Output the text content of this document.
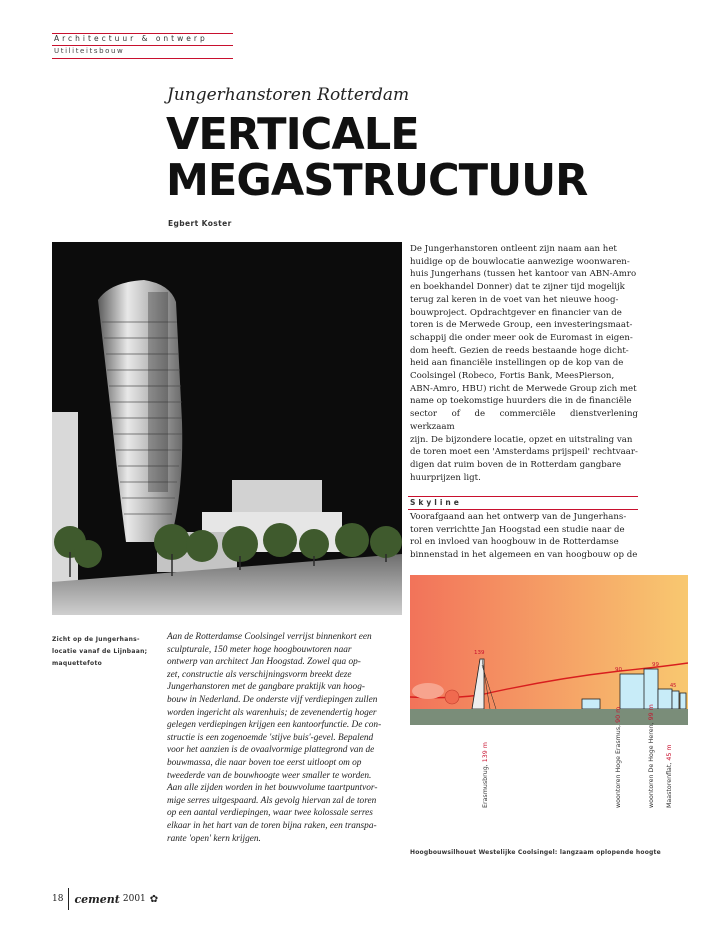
Architectuur & ontwerp
Utiliteitsbouw
Jungerhanstoren Rotterdam
VERTICALE
MEGASTRUCTUUR
Egbert Koster
Zicht op de Jungerhans-
locatie vanaf de Lijnbaan;
maquettefoto
Aan de Rotterdamse Coolsingel verrijst binnenkort een
sculpturale, 150 meter hoge hoogbouwtoren naar
ontwerp van architect Jan Hoogstad. Zowel qua op-
zet, constructie als verschijningsvorm breekt deze
Jungerhanstoren met de gangbare praktijk van hoog-
bouw in Nederland. De onderste vijf verdiepingen zullen
worden ingericht als warenhuis; de zevenendertig hoger
gelegen verdiepingen krijgen een kantoorfunctie. De con-
structie is een zogenoemde 'stijve buis'-gevel. Bepalend
voor het aanzien is de ovaalvormige plattegrond van de
bouwmassa, die naar boven toe eerst uitloopt om op
tweederde van de bouwhoogte weer smaller te worden.
Aan alle zijden worden in het bouwvolume taartpuntvor-
mige serres uitgespaard. Als gevolg hiervan zal de toren
op een aantal verdiepingen, waar twee kolossale serres
elkaar in het hart van de toren bijna raken, een transpa-
rante 'open' kern krijgen.
De Jungerhanstoren ontleent zijn naam aan het
huidige op de bouwlocatie aanwezige woonwaren-
huis Jungerhans (tussen het kantoor van ABN-Amro
en boekhandel Donner) dat te zijner tijd mogelijk
terug zal keren in de voet van het nieuwe hoog-
bouwproject. Opdrachtgever en financier van de
toren is de Merwede Group, een investeringsmaat-
schappij die onder meer ook de Euromast in eigen-
dom heeft. Gezien de reeds bestaande hoge dicht-
heid aan financiële instellingen op de kop van de
Coolsingel (Robeco, Fortis Bank, MeesPierson,
ABN-Amro, HBU) richt de Merwede Group zich met
name op toekomstige huurders die in de financiële
sector of de commerciële dienstverlening werkzaam
zijn. De bijzondere locatie, opzet en uitstraling van
de toren moet een 'Amsterdams prijspeil' rechtvaar-
digen dat ruim boven de in Rotterdam gangbare
huurprijzen ligt.
Skyline
Voorafgaand aan het ontwerp van de Jungerhans-
toren verrichtte Jan Hoogstad een studie naar de
rol en invloed van hoogbouw in de Rotterdamse
binnenstad in het algemeen en van hoogbouw op de
139
90
99
45
Erasmusbrug, 139 m	woontoren Hoge Erasmus, 90 m
woontoren De Hoge Heren, 99 m
Maastorenflat, 45 m
Hoogbouwsilhouet Westelijke Coolsingel: langzaam oplopende hoogte
18 cement 2001 ✿
